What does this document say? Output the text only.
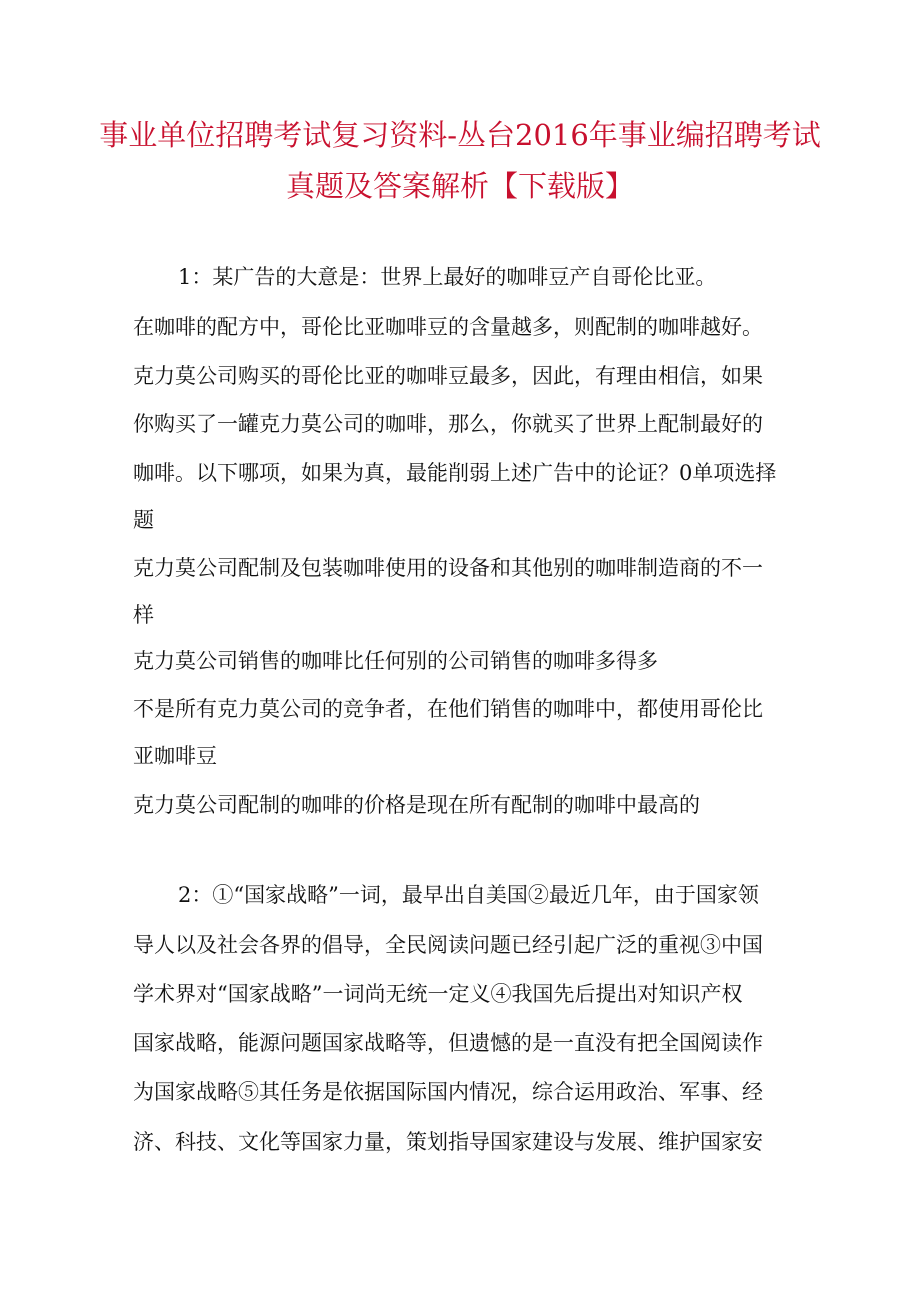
事业单位招聘考试复习资料-丛台2016年事业编招聘考试
真题及答案解析【下载版】
1：某广告的大意是：世界上最好的咖啡豆产自哥伦比亚。
在咖啡的配方中，哥伦比亚咖啡豆的含量越多，则配制的咖啡越好。
克力莫公司购买的哥伦比亚的咖啡豆最多，因此，有理由相信，如果
你购买了一罐克力莫公司的咖啡，那么，你就买了世界上配制最好的
咖啡。以下哪项，如果为真，最能削弱上述广告中的论证？0单项选择
题
克力莫公司配制及包装咖啡使用的设备和其他别的咖啡制造商的不一
样
克力莫公司销售的咖啡比任何别的公司销售的咖啡多得多
不是所有克力莫公司的竞争者，在他们销售的咖啡中，都使用哥伦比
亚咖啡豆
克力莫公司配制的咖啡的价格是现在所有配制的咖啡中最高的
2：①“国家战略”一词，最早出自美国②最近几年，由于国家领
导人以及社会各界的倡导，全民阅读问题已经引起广泛的重视③中国
学术界对“国家战略”一词尚无统一定义④我国先后提出对知识产权
国家战略，能源问题国家战略等，但遗憾的是一直没有把全国阅读作
为国家战略⑤其任务是依据国际国内情况，综合运用政治、军事、经
济、科技、文化等国家力量，策划指导国家建设与发展、维护国家安
